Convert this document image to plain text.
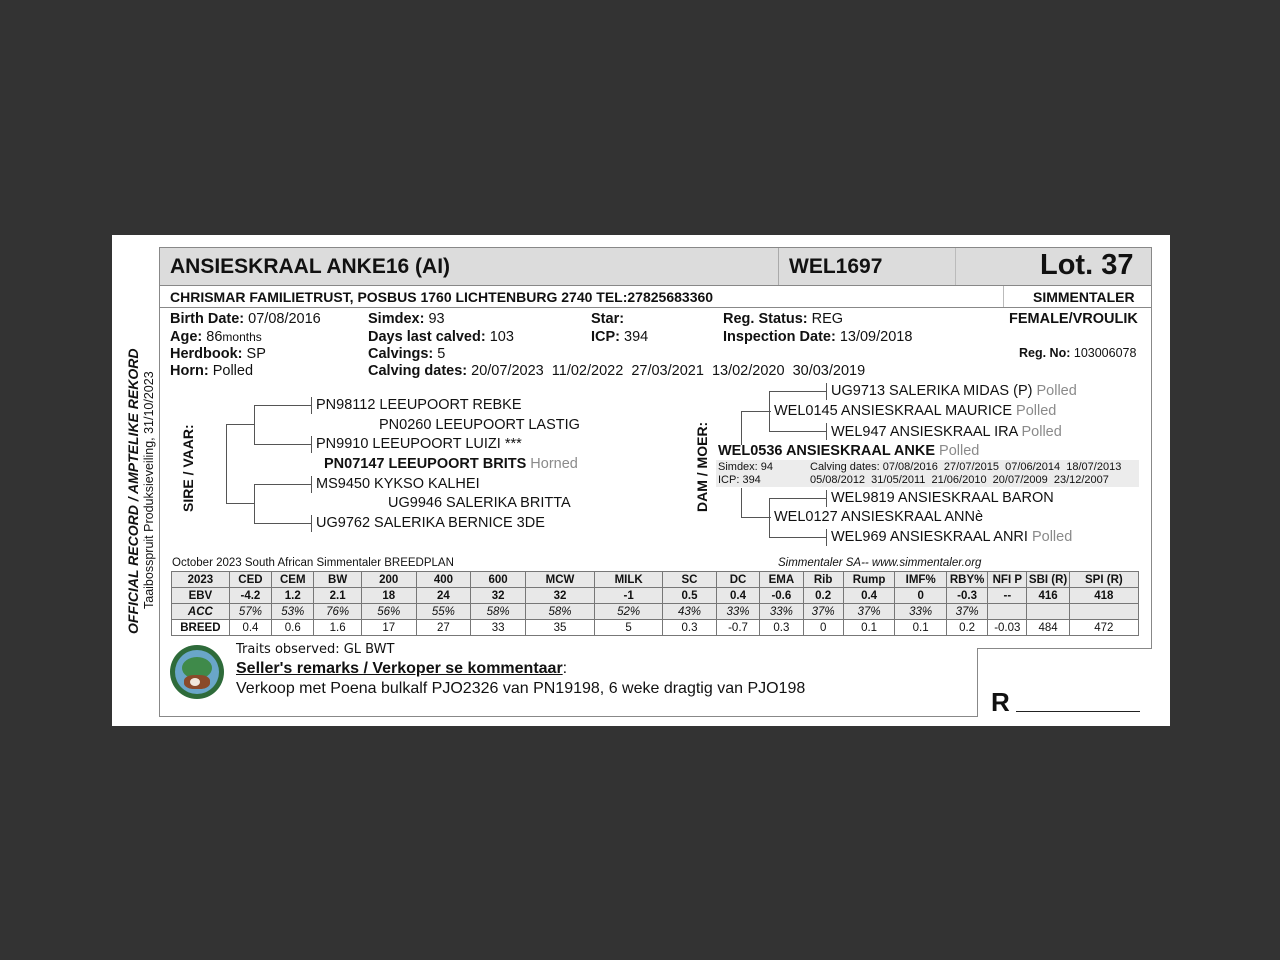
OFFICIAL RECORD / AMPTELIKE REKORD Taaibosspruit Produksieveiling, 31/10/2023
ANSIESKRAAL ANKE16 (AI)	WEL1697	Lot. 37
CHRISMAR FAMILIETRUST, POSBUS 1760 LICHTENBURG 2740 TEL:27825683360	SIMMENTALER
Birth Date: 07/08/2016
Age: 86months
Herdbook: SP
Horn: Polled
Simdex: 93
Days last calved: 103
Calvings: 5
Calving dates: 20/07/2023  11/02/2022  27/03/2021  13/02/2020  30/03/2019
Star:
ICP: 394
Reg. Status: REG
Inspection Date: 13/09/2018
FEMALE/VROULIK
Reg. No: 103006078
SIRE / VAAR:
PN98112 LEEUPOORT REBKE
PN0260 LEEUPOORT LASTIG
PN9910 LEEUPOORT LUIZI ***
PN07147 LEEUPOORT BRITS Horned
MS9450 KYKSO KALHEI
UG9946 SALERIKA BRITTA
UG9762 SALERIKA BERNICE 3DE
DAM / MOER:
UG9713 SALERIKA MIDAS (P) Polled
WEL0145 ANSIESKRAAL MAURICE Polled
WEL947 ANSIESKRAAL IRA Polled
WEL0536 ANSIESKRAAL ANKE Polled
Simdex: 94
ICP: 394
Calving dates: 07/08/2016  27/07/2015  07/06/2014  18/07/2013
05/08/2012  31/05/2011  21/06/2010  20/07/2009  23/12/2007
WEL9819 ANSIESKRAAL BARON
WEL0127 ANSIESKRAAL ANNè
WEL969 ANSIESKRAAL ANRI Polled
October 2023 South African Simmentaler BREEDPLAN	Simmentaler SA-- www.simmentaler.org
2023	CED	CEM	BW	200	400	600	MCW	MILK	SC	DC	EMA	Rib	Rump	IMF%	RBY%	NFI P	SBI (R)	SPI (R)
EBV	-4.2	1.2	2.1	18	24	32	32	-1	0.5	0.4	-0.6	0.2	0.4	0	-0.3	--	416	418
ACC	57%	53%	76%	56%	55%	58%	58%	52%	43%	33%	33%	37%	37%	33%	37%			
BREED	0.4	0.6	1.6	17	27	33	35	5	0.3	-0.7	0.3	0	0.1	0.1	0.2	-0.03	484	472
Traits observed: GL BWT
Seller's remarks / Verkoper se kommentaar:
Verkoop met Poena bulkalf PJO2326 van PN19198, 6 weke dragtig van PJO198	R
